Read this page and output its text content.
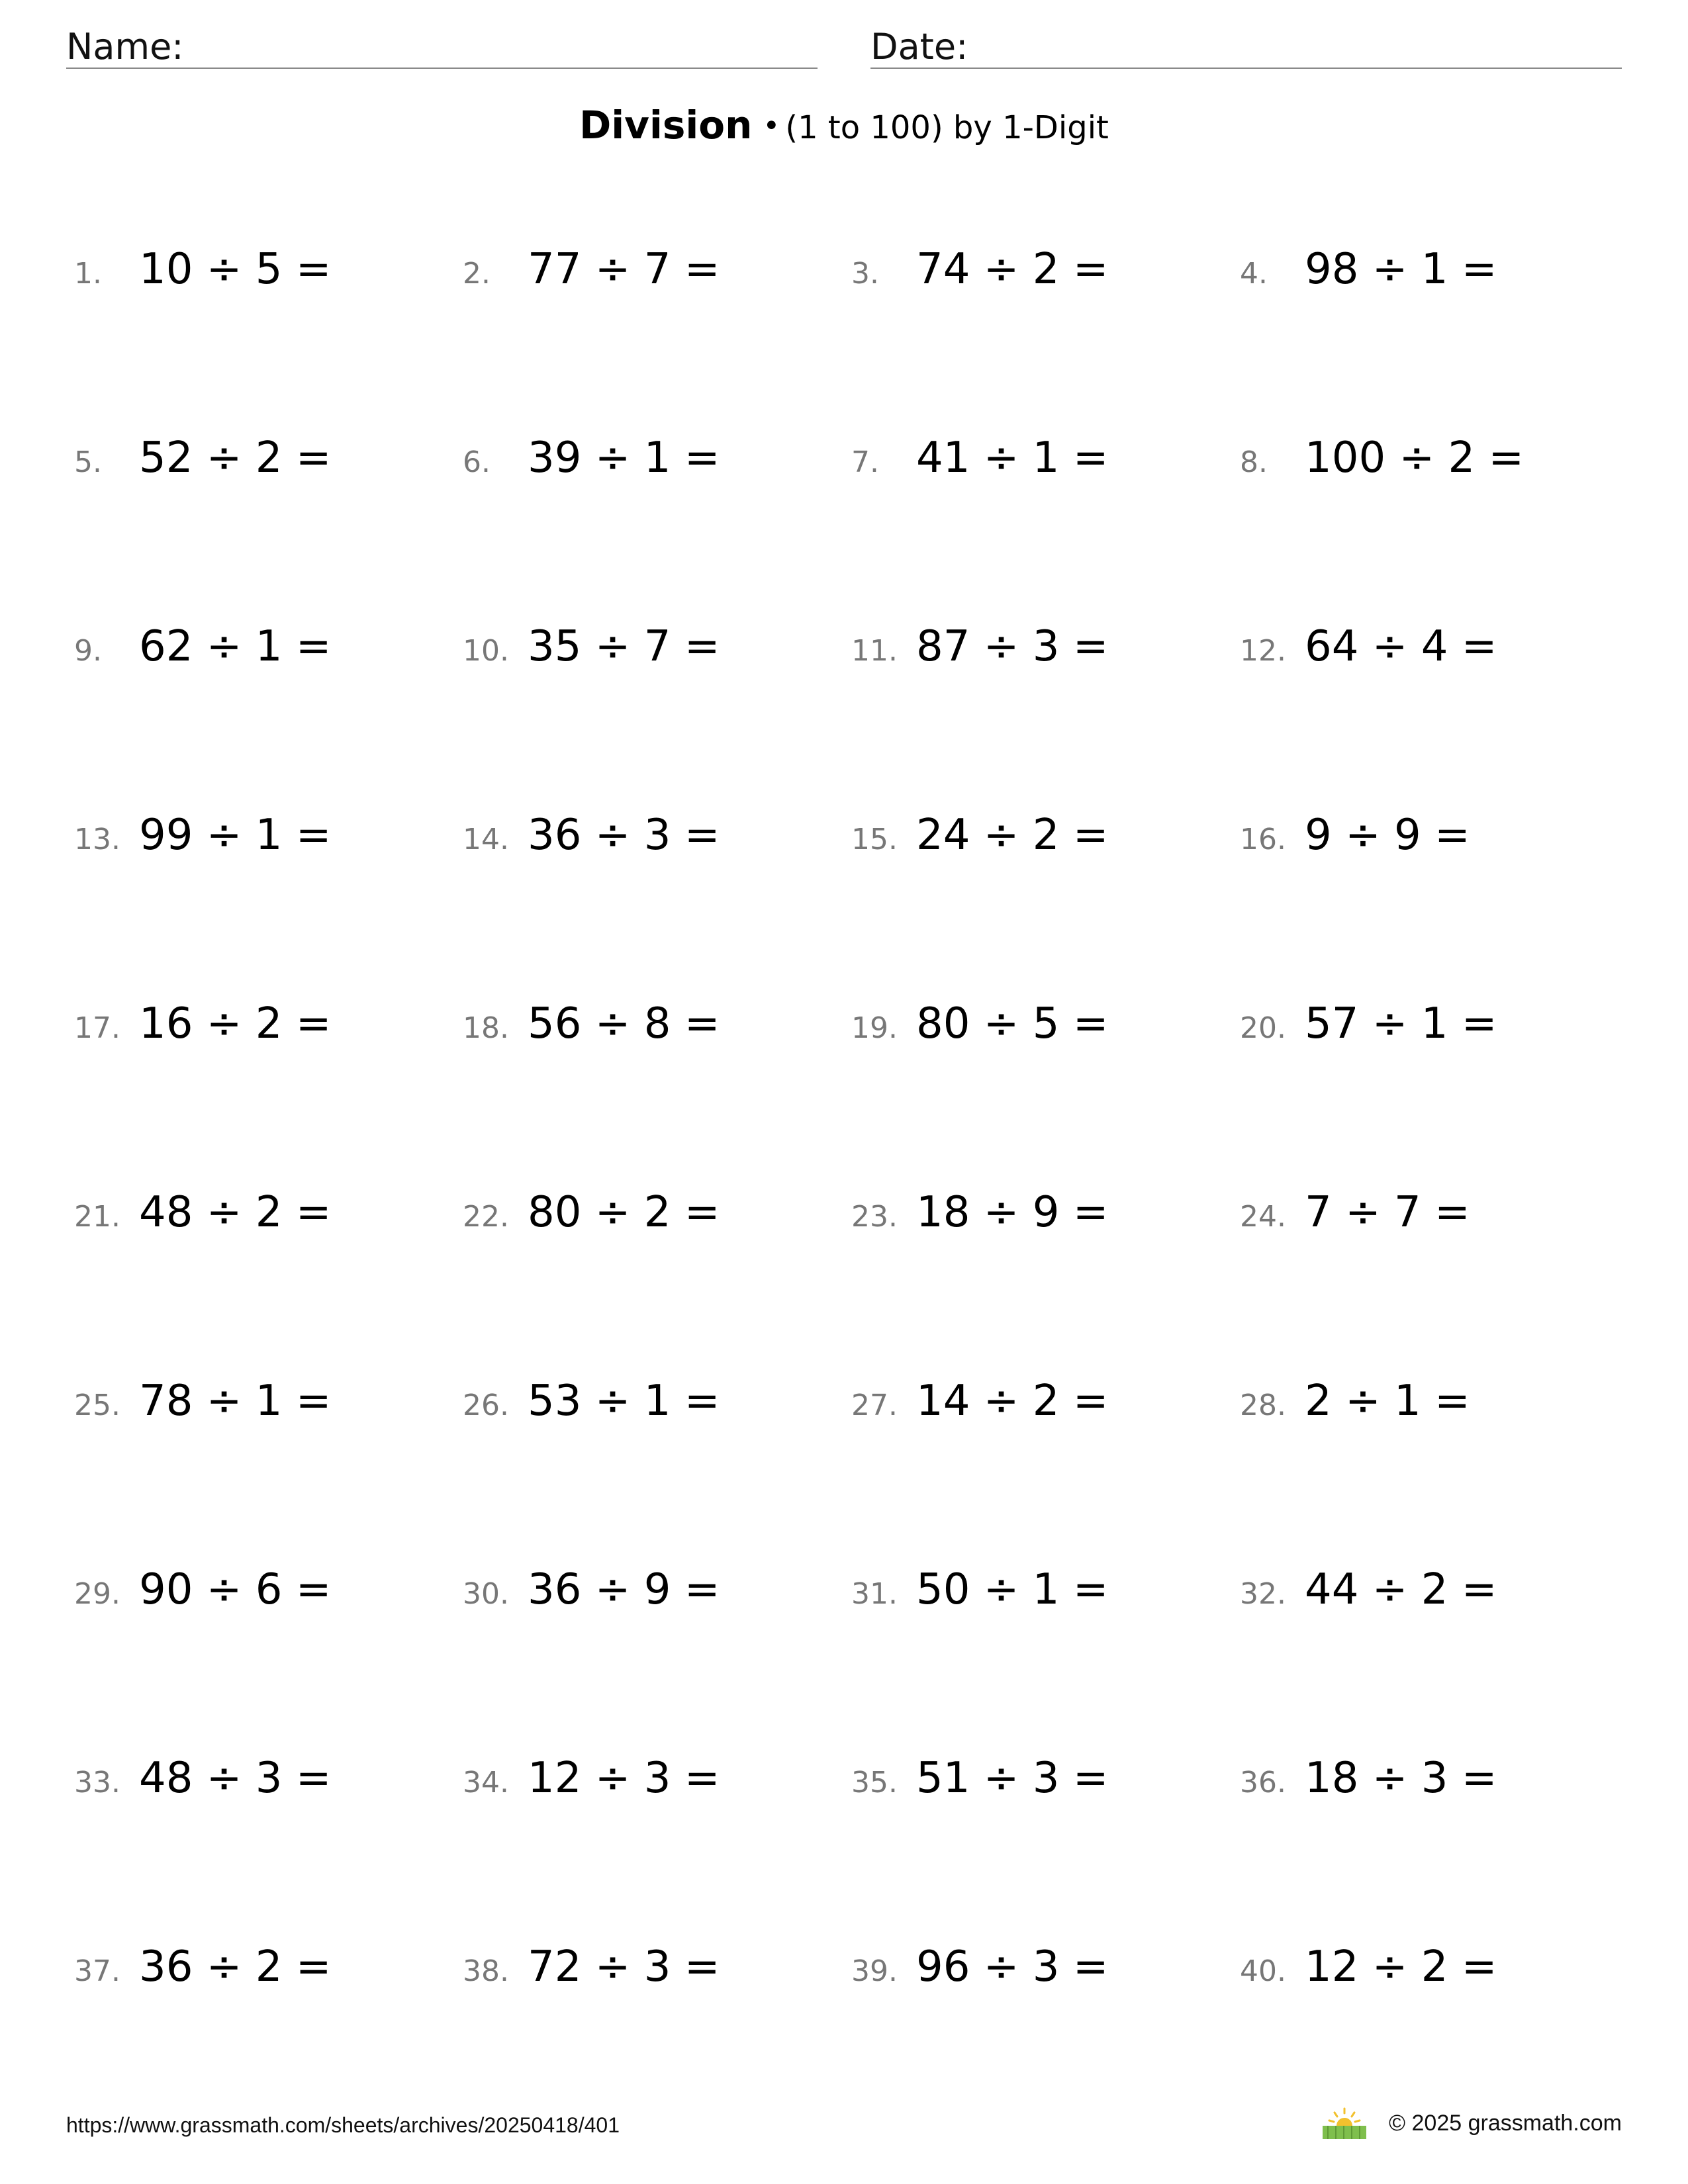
Name:	Date:
Division • (1 to 100) by 1-Digit
1. 10 ÷ 5 =	2. 77 ÷ 7 =	3. 74 ÷ 2 =	4. 98 ÷ 1 =
5. 52 ÷ 2 =	6. 39 ÷ 1 =	7. 41 ÷ 1 =	8. 100 ÷ 2 =
9. 62 ÷ 1 =	10. 35 ÷ 7 =	11. 87 ÷ 3 =	12. 64 ÷ 4 =
13. 99 ÷ 1 =	14. 36 ÷ 3 =	15. 24 ÷ 2 =	16. 9 ÷ 9 =
17. 16 ÷ 2 =	18. 56 ÷ 8 =	19. 80 ÷ 5 =	20. 57 ÷ 1 =
21. 48 ÷ 2 =	22. 80 ÷ 2 =	23. 18 ÷ 9 =	24. 7 ÷ 7 =
25. 78 ÷ 1 =	26. 53 ÷ 1 =	27. 14 ÷ 2 =	28. 2 ÷ 1 =
29. 90 ÷ 6 =	30. 36 ÷ 9 =	31. 50 ÷ 1 =	32. 44 ÷ 2 =
33. 48 ÷ 3 =	34. 12 ÷ 3 =	35. 51 ÷ 3 =	36. 18 ÷ 3 =
37. 36 ÷ 2 =	38. 72 ÷ 3 =	39. 96 ÷ 3 =	40. 12 ÷ 2 =
https://www.grassmath.com/sheets/archives/20250418/401	© 2025 grassmath.com
